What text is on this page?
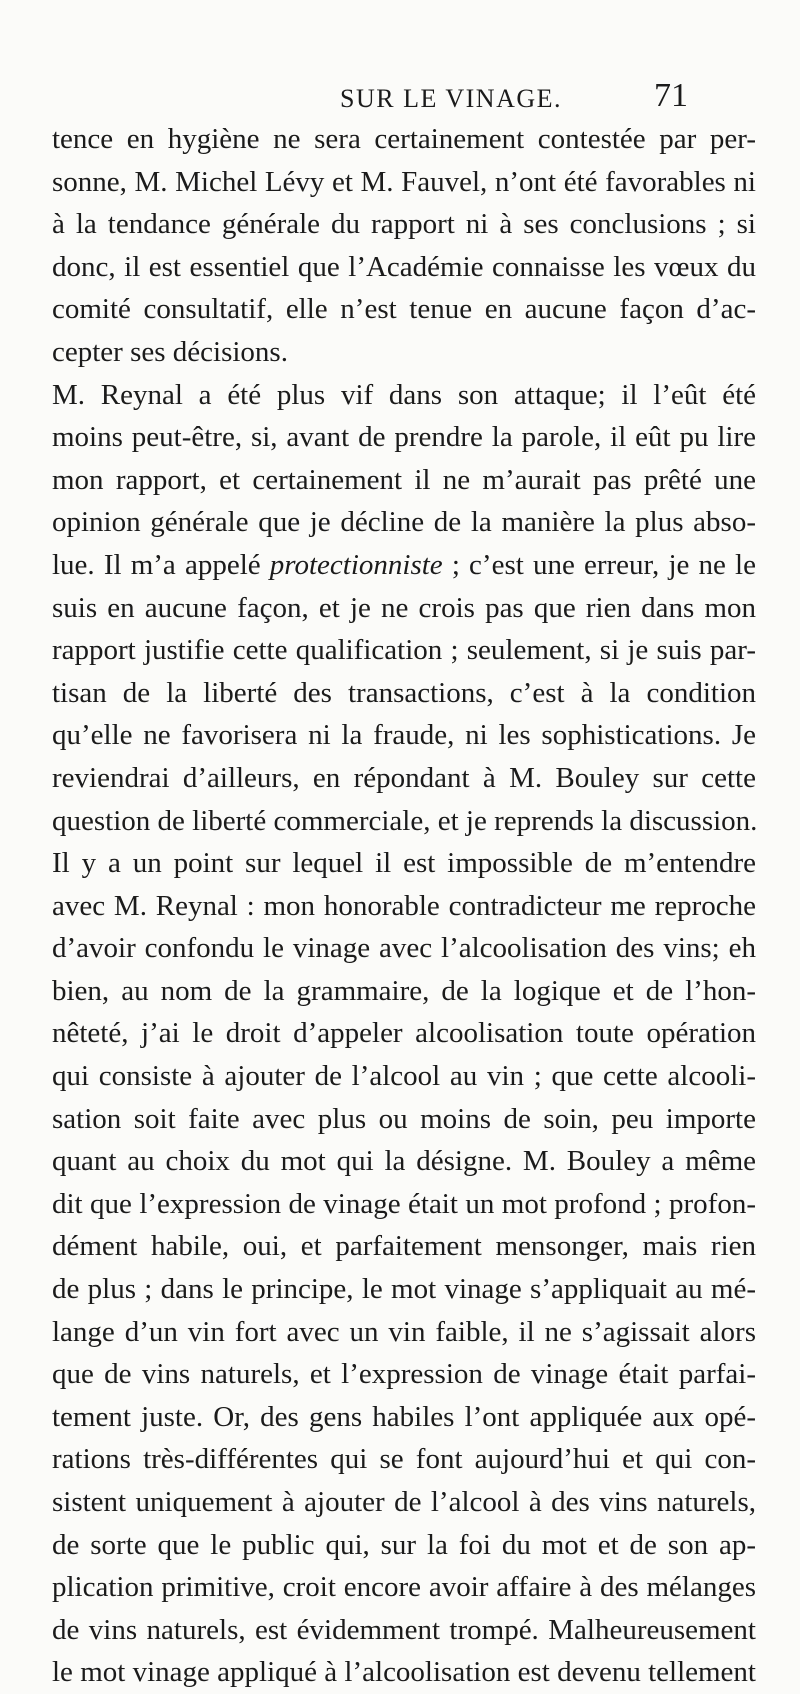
SUR LE VINAGE.	71
tence en hygiène ne sera certainement contestée par per-
sonne, M. Michel Lévy et M. Fauvel, n’ont été favorables ni
à la tendance générale du rapport ni à ses conclusions ; si
donc, il est essentiel que l’Académie connaisse les vœux du
comité consultatif, elle n’est tenue en aucune façon d’ac-
cepter ses décisions.
M. Reynal a été plus vif dans son attaque; il l’eût été
moins peut-être, si, avant de prendre la parole, il eût pu lire
mon rapport, et certainement il ne m’aurait pas prêté une
opinion générale que je décline de la manière la plus abso-
lue. Il m’a appelé protectionniste ; c’est une erreur, je ne le
suis en aucune façon, et je ne crois pas que rien dans mon
rapport justifie cette qualification ; seulement, si je suis par-
tisan de la liberté des transactions, c’est à la condition
qu’elle ne favorisera ni la fraude, ni les sophistications. Je
reviendrai d’ailleurs, en répondant à M. Bouley sur cette
question de liberté commerciale, et je reprends la discussion.
Il y a un point sur lequel il est impossible de m’entendre
avec M. Reynal : mon honorable contradicteur me reproche
d’avoir confondu le vinage avec l’alcoolisation des vins; eh
bien, au nom de la grammaire, de la logique et de l’hon-
nêteté, j’ai le droit d’appeler alcoolisation toute opération
qui consiste à ajouter de l’alcool au vin ; que cette alcooli-
sation soit faite avec plus ou moins de soin, peu importe
quant au choix du mot qui la désigne. M. Bouley a même
dit que l’expression de vinage était un mot profond ; profon-
dément habile, oui, et parfaitement mensonger, mais rien
de plus ; dans le principe, le mot vinage s’appliquait au mé-
lange d’un vin fort avec un vin faible, il ne s’agissait alors
que de vins naturels, et l’expression de vinage était parfai-
tement juste. Or, des gens habiles l’ont appliquée aux opé-
rations très-différentes qui se font aujourd’hui et qui con-
sistent uniquement à ajouter de l’alcool à des vins naturels,
de sorte que le public qui, sur la foi du mot et de son ap-
plication primitive, croit encore avoir affaire à des mélanges
de vins naturels, est évidemment trompé. Malheureusement
le mot vinage appliqué à l’alcoolisation est devenu tellement
